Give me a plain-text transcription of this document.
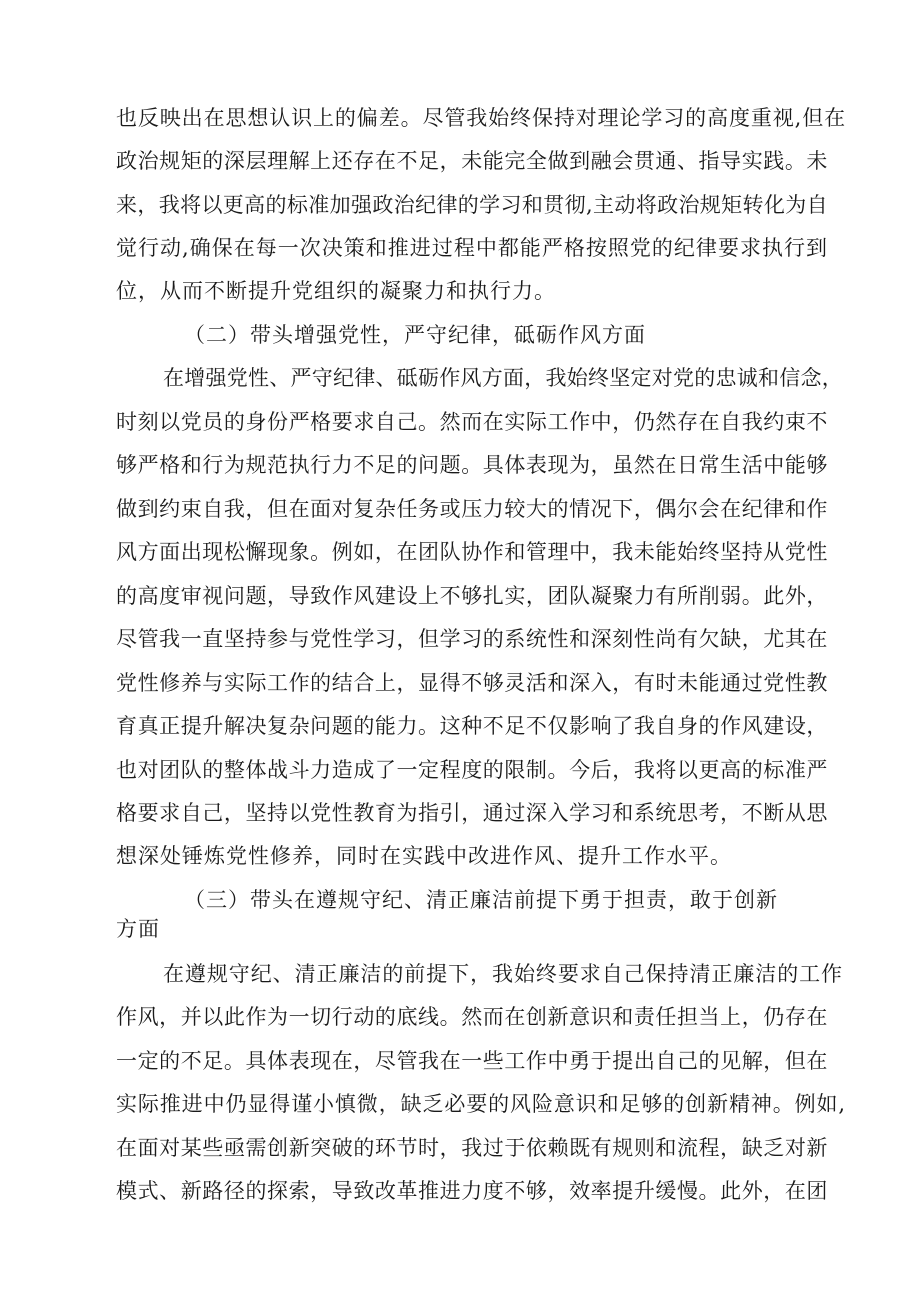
也反映出在思想认识上的偏差。尽管我始终保持对理论学习的高度重视,但在
政治规矩的深层理解上还存在不足，未能完全做到融会贯通、指导实践。未
来，我将以更高的标准加强政治纪律的学习和贯彻,主动将政治规矩转化为自
觉行动,确保在每一次决策和推进过程中都能严格按照党的纪律要求执行到
位，从而不断提升党组织的凝聚力和执行力。
（二）带头增强党性，严守纪律，砥砺作风方面
在增强党性、严守纪律、砥砺作风方面，我始终坚定对党的忠诚和信念，
时刻以党员的身份严格要求自己。然而在实际工作中，仍然存在自我约束不
够严格和行为规范执行力不足的问题。具体表现为，虽然在日常生活中能够
做到约束自我，但在面对复杂任务或压力较大的情况下，偶尔会在纪律和作
风方面出现松懈现象。例如，在团队协作和管理中，我未能始终坚持从党性
的高度审视问题，导致作风建设上不够扎实，团队凝聚力有所削弱。此外，
尽管我一直坚持参与党性学习，但学习的系统性和深刻性尚有欠缺，尤其在
党性修养与实际工作的结合上，显得不够灵活和深入，有时未能通过党性教
育真正提升解决复杂问题的能力。这种不足不仅影响了我自身的作风建设，
也对团队的整体战斗力造成了一定程度的限制。今后，我将以更高的标准严
格要求自己，坚持以党性教育为指引，通过深入学习和系统思考，不断从思
想深处锤炼党性修养，同时在实践中改进作风、提升工作水平。
（三）带头在遵规守纪、清正廉洁前提下勇于担责，敢于创新
方面
在遵规守纪、清正廉洁的前提下，我始终要求自己保持清正廉洁的工作
作风，并以此作为一切行动的底线。然而在创新意识和责任担当上，仍存在
一定的不足。具体表现在，尽管我在一些工作中勇于提出自己的见解，但在
实际推进中仍显得谨小慎微，缺乏必要的风险意识和足够的创新精神。例如,
在面对某些亟需创新突破的环节时，我过于依赖既有规则和流程，缺乏对新
模式、新路径的探索，导致改革推进力度不够，效率提升缓慢。此外，在团
